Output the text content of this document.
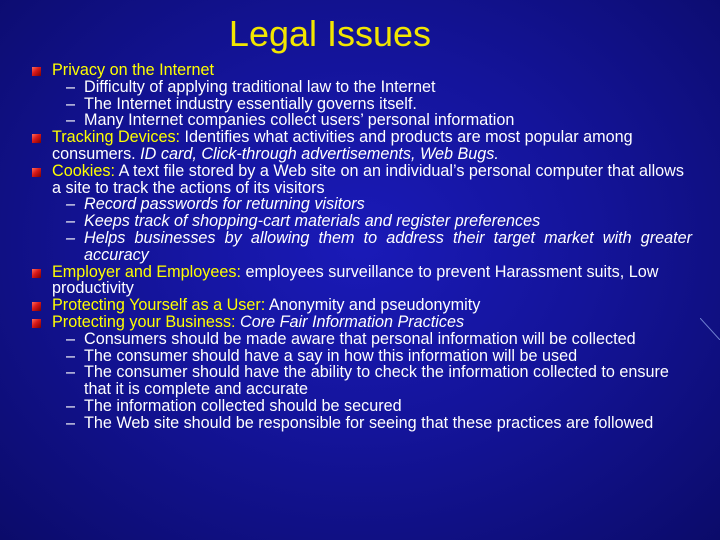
Legal Issues
Privacy on the Internet
– Difficulty of applying traditional law to the Internet
– The Internet industry essentially governs itself.
– Many Internet companies collect users’ personal information
Tracking Devices: Identifies what activities and products are most popular among consumers. ID card, Click-through advertisements, Web Bugs.
Cookies: A text file stored by a Web site on an individual’s personal computer that allows a site to track the actions of its visitors
– Record passwords for returning visitors
– Keeps track of shopping-cart materials and register preferences
– Helps businesses by allowing them to address their target market with greater accuracy
Employer and Employees: employees surveillance to prevent Harassment suits, Low productivity
Protecting Yourself as a User: Anonymity and pseudonymity
Protecting your Business: Core Fair Information Practices
– Consumers should be made aware that personal information will be collected
– The consumer should have a say in how this information will be used
– The consumer should have the ability to check the information collected to ensure that it is complete and accurate
– The information collected should be secured
– The Web site should be responsible for seeing that these practices are followed
